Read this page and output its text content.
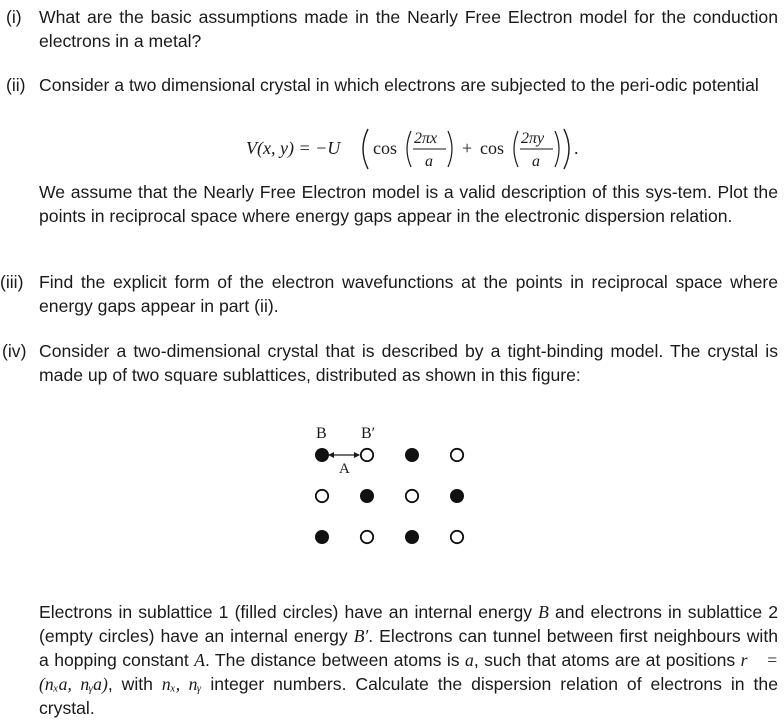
(i) What are the basic assumptions made in the Nearly Free Electron model for the conduction electrons in a metal?

(ii) Consider a two dimensional crystal in which electrons are subjected to the peri-odic potential

V(x, y) = −U cos 2πx
a
+ cos 2πy
a
.

We assume that the Nearly Free Electron model is a valid description of this sys-tem. Plot the points in reciprocal space where energy gaps appear in the electronic dispersion relation.

(iii) Find the explicit form of the electron wavefunctions at the points in reciprocal space where energy gaps appear in part (ii).

(iv) Consider a two-dimensional crystal that is described by a tight-binding model. The crystal is made up of two square sublattices, distributed as shown in this figure:

B B′
A

Electrons in sublattice 1 (filled circles) have an internal energy B and electrons in sublattice 2 (empty circles) have an internal energy B′. Electrons can tunnel between first neighbours with a hopping constant A. The distance between atoms is a, such that atoms are at positions r⃗ = (nₓa, nᵧa), with nₓ, nᵧ integer numbers. Calculate the dispersion relation of electrons in the crystal.
